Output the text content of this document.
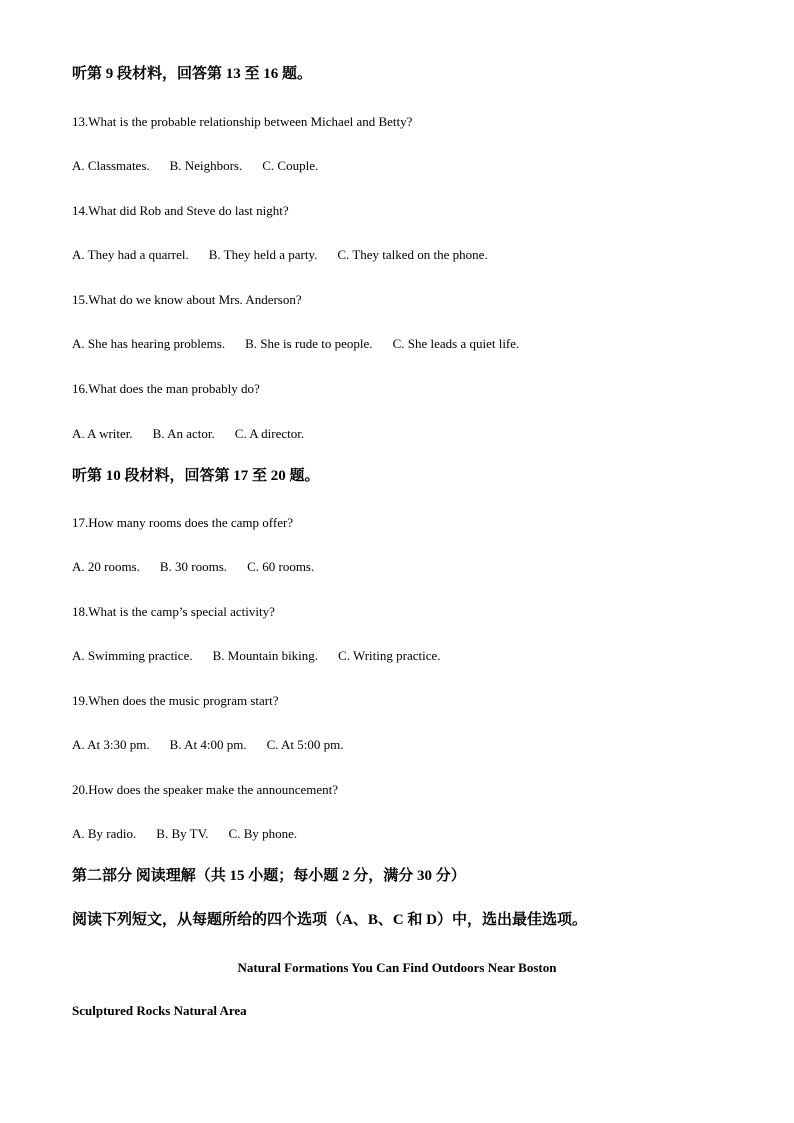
听第 9 段材料，回答第 13 至 16 题。
13.What is the probable relationship between Michael and Betty?
A. Classmates. B. Neighbors. C. Couple.
14.What did Rob and Steve do last night?
A. They had a quarrel. B. They held a party. C. They talked on the phone.
15.What do we know about Mrs. Anderson?
A. She has hearing problems. B. She is rude to people. C. She leads a quiet life.
16.What does the man probably do?
A. A writer. B. An actor. C. A director.
听第 10 段材料，回答第 17 至 20 题。
17.How many rooms does the camp offer?
A. 20 rooms. B. 30 rooms. C. 60 rooms.
18.What is the camp’s special activity?
A. Swimming practice. B. Mountain biking. C. Writing practice.
19.When does the music program start?
A. At 3:30 pm. B. At 4:00 pm. C. At 5:00 pm.
20.How does the speaker make the announcement?
A. By radio. B. By TV. C. By phone.
第二部分 阅读理解（共 15 小题；每小题 2 分，满分 30 分）
阅读下列短文，从每题所给的四个选项（A、B、C 和 D）中，选出最佳选项。
Natural Formations You Can Find Outdoors Near Boston
Sculptured Rocks Natural Area
